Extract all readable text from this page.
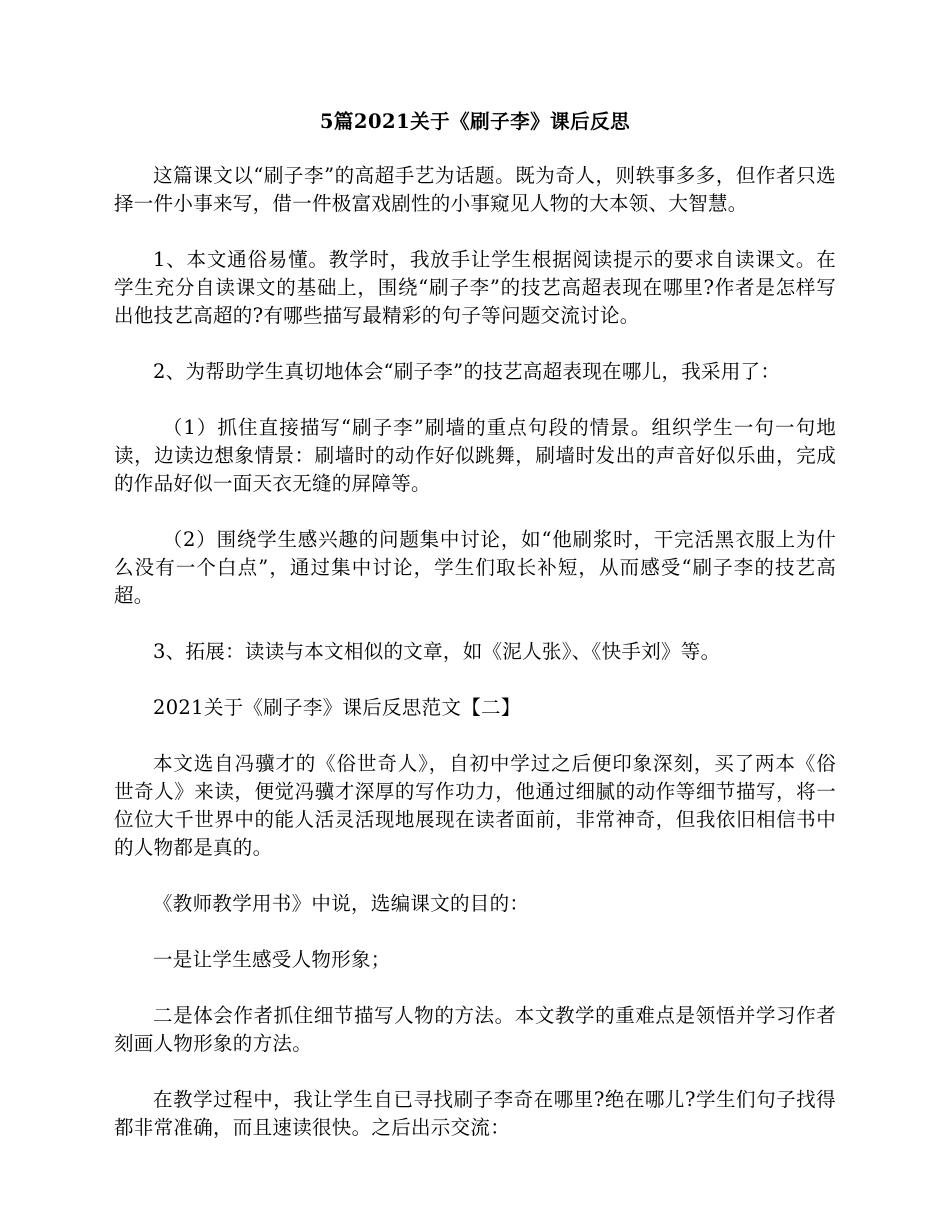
5篇2021关于《刷子李》课后反思

这篇课文以“刷子李”的高超手艺为话题。既为奇人，则轶事多多，但作者只选择一件小事来写，借一件极富戏剧性的小事窥见人物的大本领、大智慧。

1、本文通俗易懂。教学时，我放手让学生根据阅读提示的要求自读课文。在学生充分自读课文的基础上，围绕“刷子李”的技艺高超表现在哪里?作者是怎样写出他技艺高超的?有哪些描写最精彩的句子等问题交流讨论。

2、为帮助学生真切地体会“刷子李”的技艺高超表现在哪儿，我采用了：

（1）抓住直接描写“刷子李”刷墙的重点句段的情景。组织学生一句一句地读，边读边想象情景：刷墙时的动作好似跳舞，刷墙时发出的声音好似乐曲，完成的作品好似一面天衣无缝的屏障等。

（2）围绕学生感兴趣的问题集中讨论，如“他刷浆时，干完活黑衣服上为什么没有一个白点”，通过集中讨论，学生们取长补短，从而感受“刷子李的技艺高超。

3、拓展：读读与本文相似的文章，如《泥人张》、《快手刘》等。

2021关于《刷子李》课后反思范文【二】

本文选自冯骥才的《俗世奇人》，自初中学过之后便印象深刻，买了两本《俗世奇人》来读，便觉冯骥才深厚的写作功力，他通过细腻的动作等细节描写，将一位位大千世界中的能人活灵活现地展现在读者面前，非常神奇，但我依旧相信书中的人物都是真的。

《教师教学用书》中说，选编课文的目的：

一是让学生感受人物形象；

二是体会作者抓住细节描写人物的方法。本文教学的重难点是领悟并学习作者刻画人物形象的方法。

在教学过程中，我让学生自已寻找刷子李奇在哪里?绝在哪儿?学生们句子找得都非常准确，而且速读很快。之后出示交流：
